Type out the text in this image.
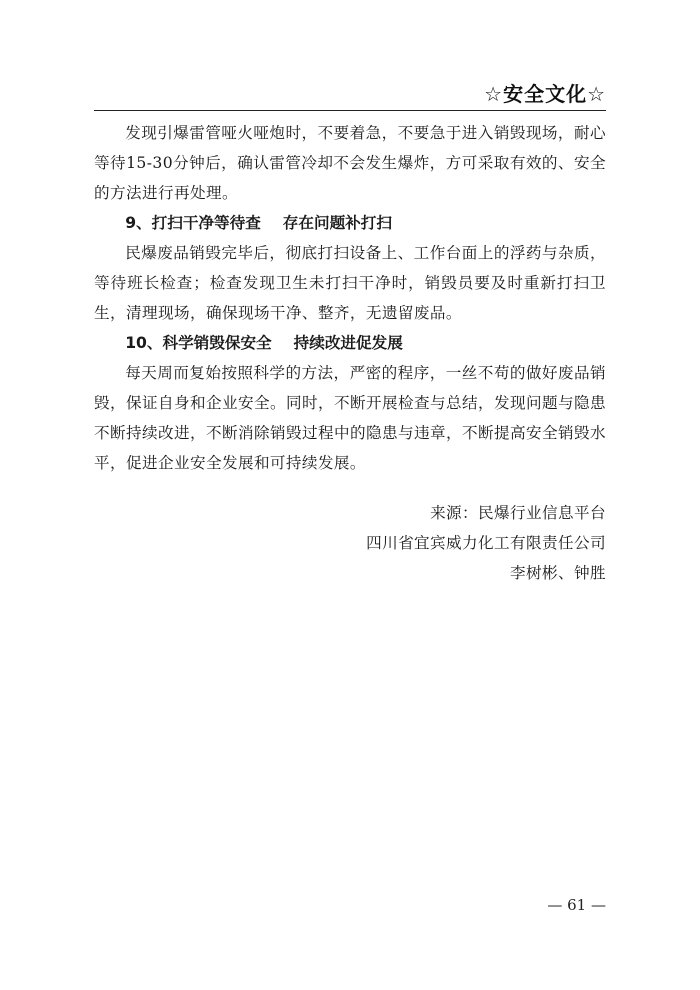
☆安全文化☆

发现引爆雷管哑火哑炮时，不要着急，不要急于进入销毁现场，耐心等待15-30分钟后，确认雷管冷却不会发生爆炸，方可采取有效的、安全的方法进行再处理。

9、打扫干净等待查 存在问题补打扫

民爆废品销毁完毕后，彻底打扫设备上、工作台面上的浮药与杂质，等待班长检查；检查发现卫生未打扫干净时，销毁员要及时重新打扫卫生，清理现场，确保现场干净、整齐，无遗留废品。

10、科学销毁保安全 持续改进促发展

每天周而复始按照科学的方法，严密的程序，一丝不苟的做好废品销毁，保证自身和企业安全。同时，不断开展检查与总结，发现问题与隐患不断持续改进，不断消除销毁过程中的隐患与违章，不断提高安全销毁水平，促进企业安全发展和可持续发展。

来源：民爆行业信息平台
四川省宜宾威力化工有限责任公司
李树彬、钟胜
— 61 —
